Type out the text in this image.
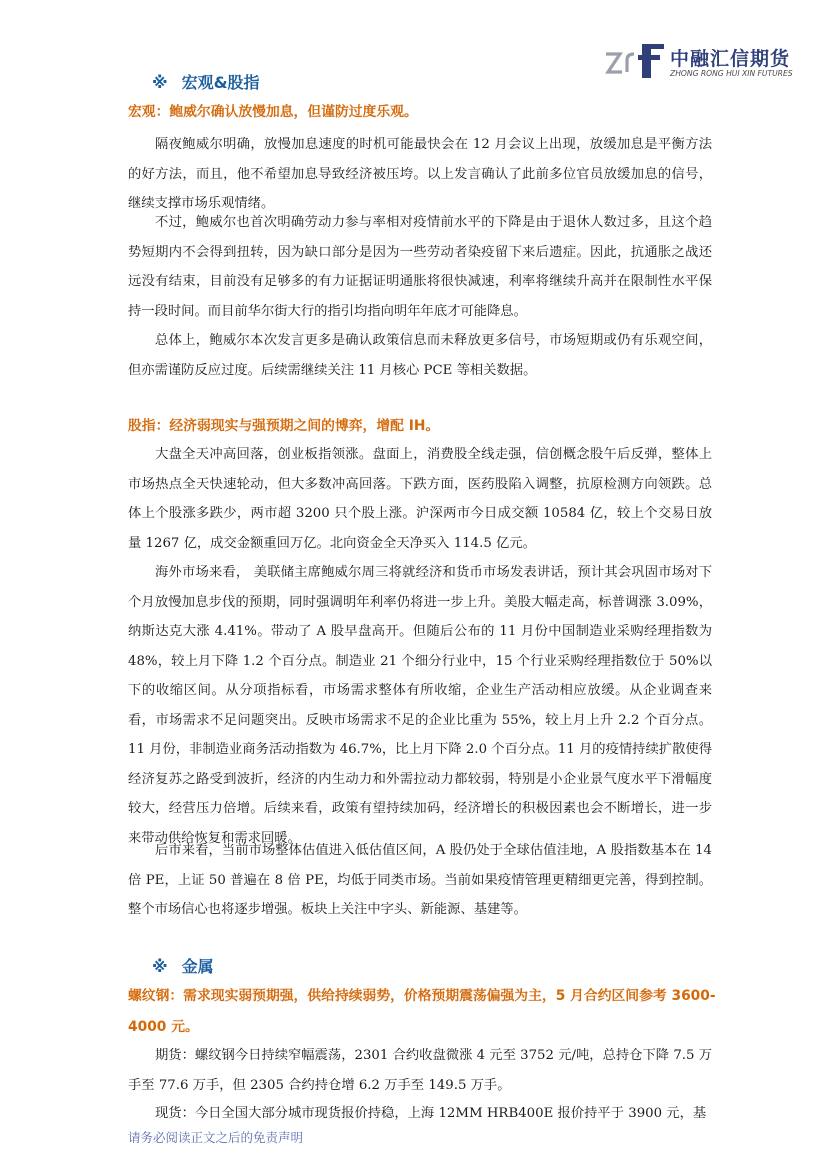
中融汇信期货
ZHONG RONG HUI XIN FUTURES
※ 宏观&股指
宏观：鲍威尔确认放慢加息，但谨防过度乐观。

隔夜鲍威尔明确，放慢加息速度的时机可能最快会在 12 月会议上出现，放缓加息是平衡方法的好方法，而且，他不希望加息导致经济被压垮。以上发言确认了此前多位官员放缓加息的信号，继续支撑市场乐观情绪。

不过，鲍威尔也首次明确劳动力参与率相对疫情前水平的下降是由于退休人数过多，且这个趋势短期内不会得到扭转，因为缺口部分是因为一些劳动者染疫留下来后遗症。因此，抗通胀之战还远没有结束，目前没有足够多的有力证据证明通胀将很快减速，利率将继续升高并在限制性水平保持一段时间。而目前华尔街大行的指引均指向明年年底才可能降息。

总体上，鲍威尔本次发言更多是确认政策信息而未释放更多信号，市场短期或仍有乐观空间，但亦需谨防反应过度。后续需继续关注 11 月核心 PCE 等相关数据。

股指：经济弱现实与强预期之间的博弈，增配 IH。

大盘全天冲高回落，创业板指领涨。盘面上，消费股全线走强，信创概念股午后反弹，整体上市场热点全天快速轮动，但大多数冲高回落。下跌方面，医药股陷入调整，抗原检测方向领跌。总体上个股涨多跌少，两市超 3200 只个股上涨。沪深两市今日成交额 10584 亿，较上个交易日放量 1267 亿，成交金额重回万亿。北向资金全天净买入 114.5 亿元。

海外市场来看， 美联储主席鲍威尔周三将就经济和货币市场发表讲话，预计其会巩固市场对下个月放慢加息步伐的预期，同时强调明年利率仍将进一步上升。美股大幅走高，标普调涨 3.09%，纳斯达克大涨 4.41%。带动了 A 股早盘高开。但随后公布的 11 月份中国制造业采购经理指数为 48%，较上月下降 1.2 个百分点。制造业 21 个细分行业中，15 个行业采购经理指数位于 50%以下的收缩区间。从分项指标看，市场需求整体有所收缩，企业生产活动相应放缓。从企业调查来看，市场需求不足问题突出。反映市场需求不足的企业比重为 55%，较上月上升 2.2 个百分点。11 月份，非制造业商务活动指数为 46.7%，比上月下降 2.0 个百分点。11 月的疫情持续扩散使得经济复苏之路受到波折，经济的内生动力和外需拉动力都较弱，特别是小企业景气度水平下滑幅度较大，经营压力倍增。后续来看，政策有望持续加码，经济增长的积极因素也会不断增长，进一步来带动供给恢复和需求回暖。

后市来看，当前市场整体估值进入低估值区间，A 股仍处于全球估值洼地，A 股指数基本在 14 倍 PE，上证 50 普遍在 8 倍 PE，均低于同类市场。当前如果疫情管理更精细更完善，得到控制。整个市场信心也将逐步增强。板块上关注中字头、新能源、基建等。

※ 金属
螺纹钢：需求现实弱预期强，供给持续弱势，价格预期震荡偏强为主，5 月合约区间参考 3600-4000 元。

期货：螺纹钢今日持续窄幅震荡，2301 合约收盘微涨 4 元至 3752 元/吨，总持仓下降 7.5 万手至 77.6 万手，但 2305 合约持仓增 6.2 万手至 149.5 万手。

现货：今日全国大部分城市现货报价持稳，上海 12MM HRB400E 报价持平于 3900 元，基

请务必阅读正文之后的免责声明
